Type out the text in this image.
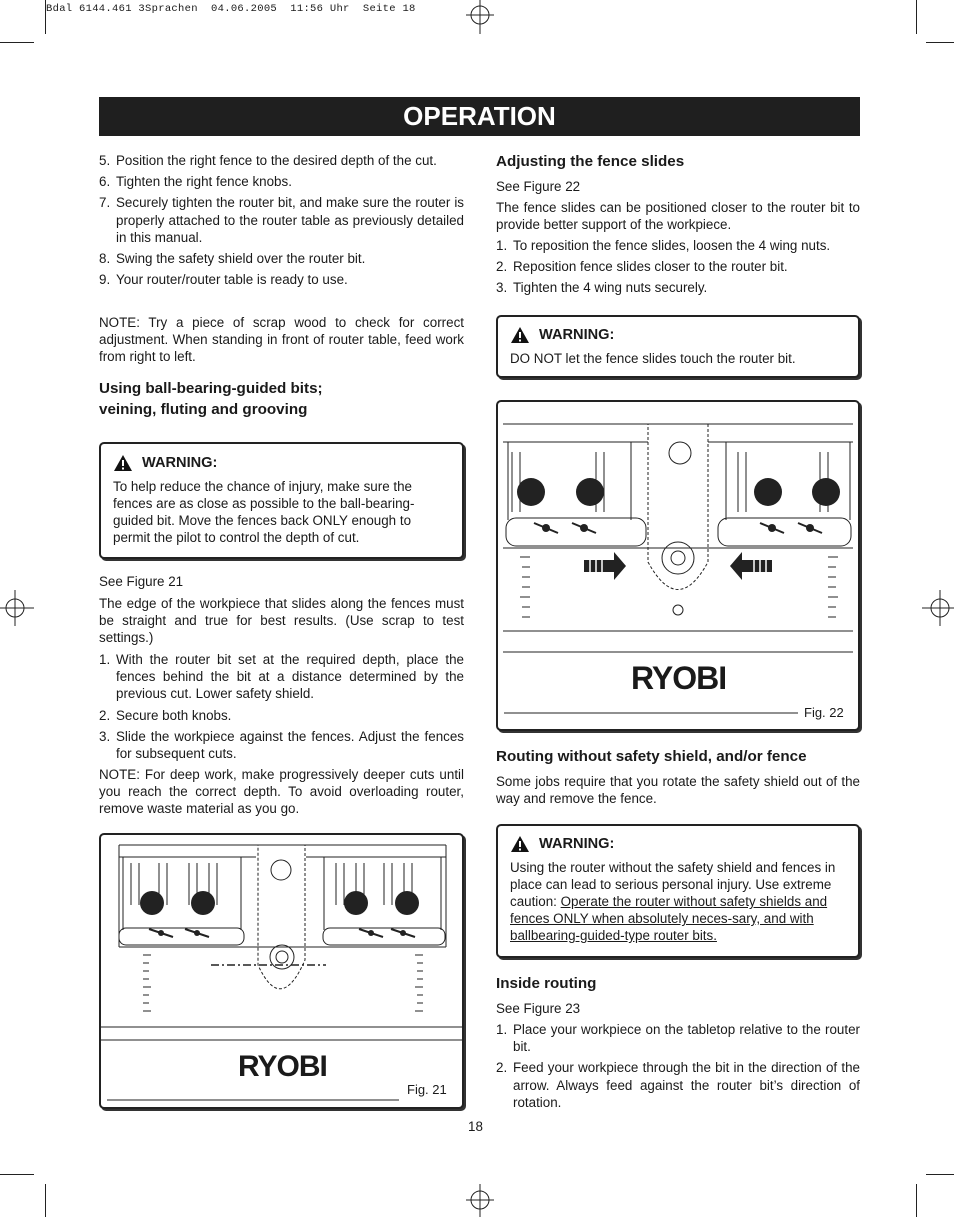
Bdal 6144.461 3Sprachen  04.06.2005  11:56 Uhr  Seite 18
OPERATION
5. Position the right fence to the desired depth of the cut.
6. Tighten the right fence knobs.
7. Securely tighten the router bit, and make sure the router is properly attached to the router table as previously detailed in this manual.
8. Swing the safety shield over the router bit.
9. Your router/router table is ready to use.
NOTE: Try a piece of scrap wood to check for correct adjustment. When standing in front of router table, feed work from right to left.
Using ball-bearing-guided bits;
veining, fluting and grooving
WARNING:
To help reduce the chance of injury, make sure the fences are as close as possible to the ball-bearing-guided bit. Move the fences back ONLY enough to permit the pilot to control the depth of cut.
See Figure 21
The edge of the workpiece that slides along the fences must be straight and true for best results. (Use scrap to test settings.)
1. With the router bit set at the required depth, place the fences behind the bit at a distance determined by the previous cut. Lower safety shield.
2. Secure both knobs.
3. Slide the workpiece against the fences. Adjust the fences for subsequent cuts.
NOTE: For deep work, make progressively deeper cuts until you reach the correct depth. To avoid overloading router, remove waste material as you go.
RYOBI
Fig. 21
Adjusting the fence slides
See Figure 22
The fence slides can be positioned closer to the router bit to provide better support of the workpiece.
1. To reposition the fence slides, loosen the 4 wing nuts.
2. Reposition fence slides closer to the router bit.
3. Tighten the 4 wing nuts securely.
WARNING:
DO NOT let the fence slides touch the router bit.
RYOBI
Fig. 22
Routing without safety shield, and/or fence
Some jobs require that you rotate the safety shield out of the way and remove the fence.
WARNING:
Using the router without the safety shield and fences in place can lead to serious personal injury. Use extreme caution: Operate the router without safety shields and fences ONLY when absolutely neces-sary, and with ballbearing-guided-type router bits.
Inside routing
See Figure 23
1. Place your workpiece on the tabletop relative to the router bit.
2. Feed your workpiece through the bit in the direction of the arrow. Always feed against the router bit’s direction of rotation.
18
